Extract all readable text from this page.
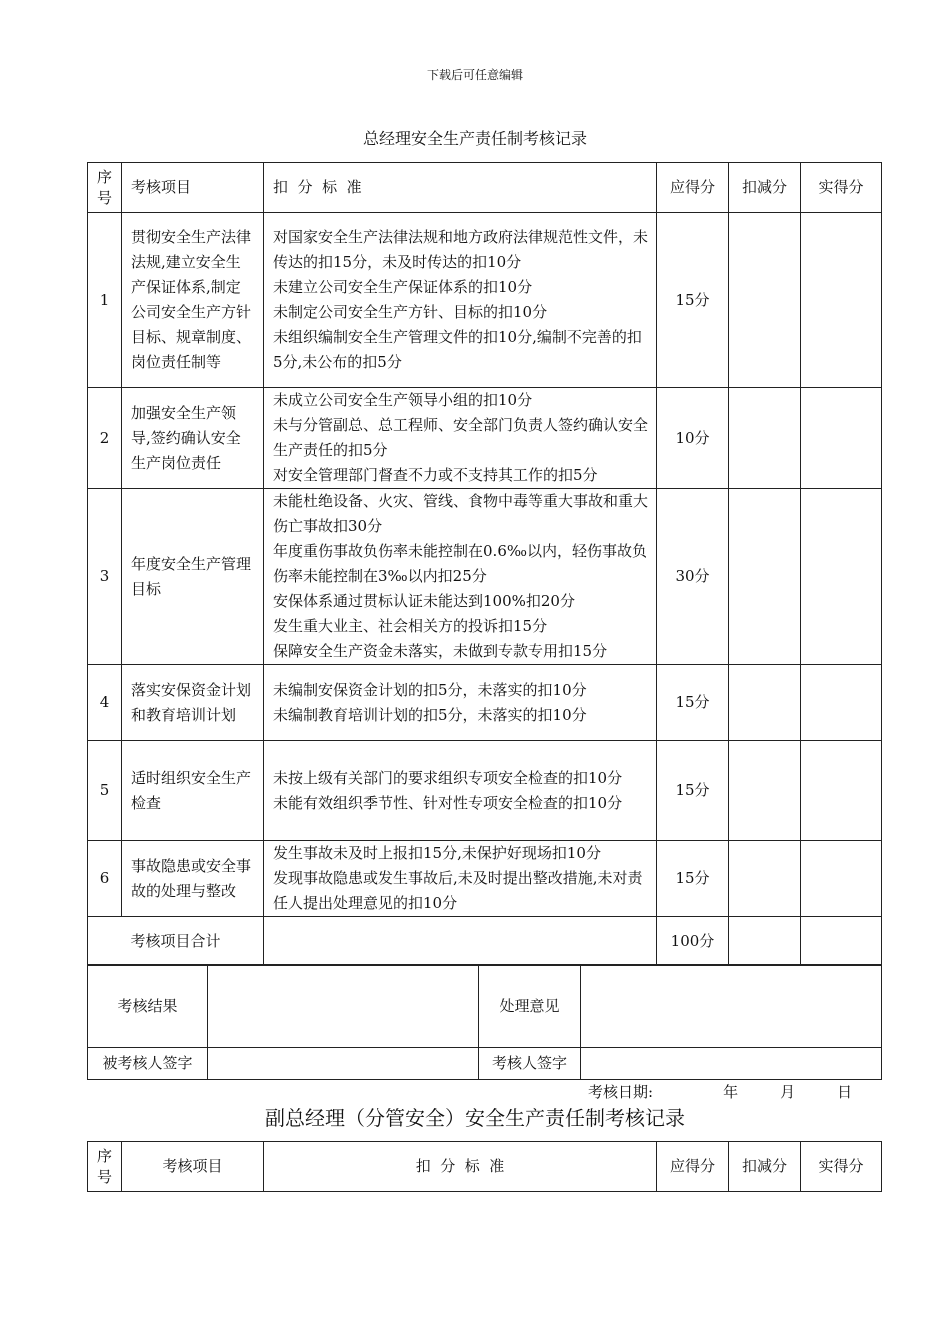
下载后可任意编辑
总经理安全生产责任制考核记录
序号	考核项目	扣  分  标  准	应得分	扣减分	实得分
1	贯彻安全生产法律法规,建立安全生产保证体系,制定公司安全生产方针目标、规章制度、岗位责任制等	对国家安全生产法律法规和地方政府法律规范性文件，未传达的扣15分，未及时传达的扣10分
未建立公司安全生产保证体系的扣10分
未制定公司安全生产方针、目标的扣10分
未组织编制安全生产管理文件的扣10分,编制不完善的扣5分,未公布的扣5分	15分		
2	加强安全生产领导,签约确认安全生产岗位责任	未成立公司安全生产领导小组的扣10分
未与分管副总、总工程师、安全部门负责人签约确认安全生产责任的扣5分
对安全管理部门督查不力或不支持其工作的扣5分	10分		
3	年度安全生产管理目标	未能杜绝设备、火灾、管线、食物中毒等重大事故和重大伤亡事故扣30分
年度重伤事故负伤率未能控制在0.6‰以内，轻伤事故负伤率未能控制在3‰以内扣25分
安保体系通过贯标认证未能达到100%扣20分
发生重大业主、社会相关方的投诉扣15分
保障安全生产资金未落实，未做到专款专用扣15分	30分		
4	落实安保资金计划和教育培训计划	未编制安保资金计划的扣5分，未落实的扣10分
未编制教育培训计划的扣5分，未落实的扣10分	15分		
5	适时组织安全生产检查	未按上级有关部门的要求组织专项安全检查的扣10分
未能有效组织季节性、针对性专项安全检查的扣10分	15分		
6	事故隐患或安全事故的处理与整改	发生事故未及时上报扣15分,未保护好现场扣10分
发现事故隐患或发生事故后,未及时提出整改措施,未对责任人提出处理意见的扣10分	15分		
考核项目合计			100分		
考核结果		处理意见	
被考核人签字		考核人签字	
考核日期:	年	月	日
副总经理（分管安全）安全生产责任制考核记录
序号	考核项目	扣  分  标  准	应得分	扣减分	实得分
